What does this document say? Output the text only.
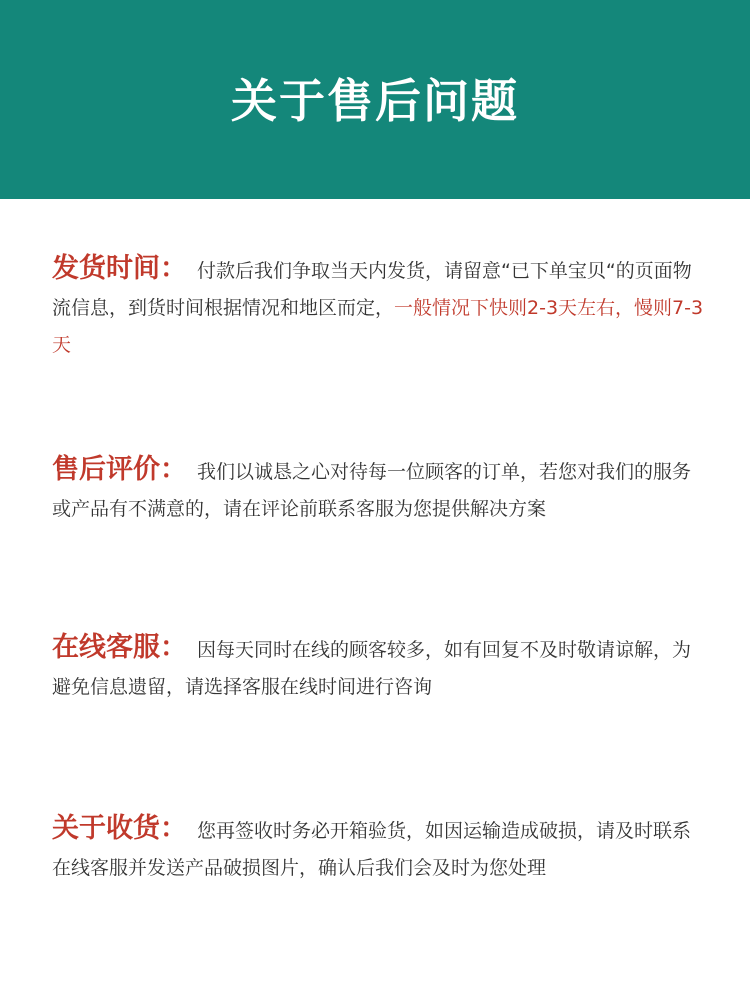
关于售后问题
发货时间： 付款后我们争取当天内发货，请留意“已下单宝贝“的页面物流信息，到货时间根据情况和地区而定，一般情况下快则2-3天左右，慢则7-3天
售后评价： 我们以诚恳之心对待每一位顾客的订单，若您对我们的服务或产品有不满意的，请在评论前联系客服为您提供解决方案
在线客服： 因每天同时在线的顾客较多，如有回复不及时敬请谅解，为避免信息遗留，请选择客服在线时间进行咨询
关于收货： 您再签收时务必开箱验货，如因运输造成破损，请及时联系在线客服并发送产品破损图片，确认后我们会及时为您处理
